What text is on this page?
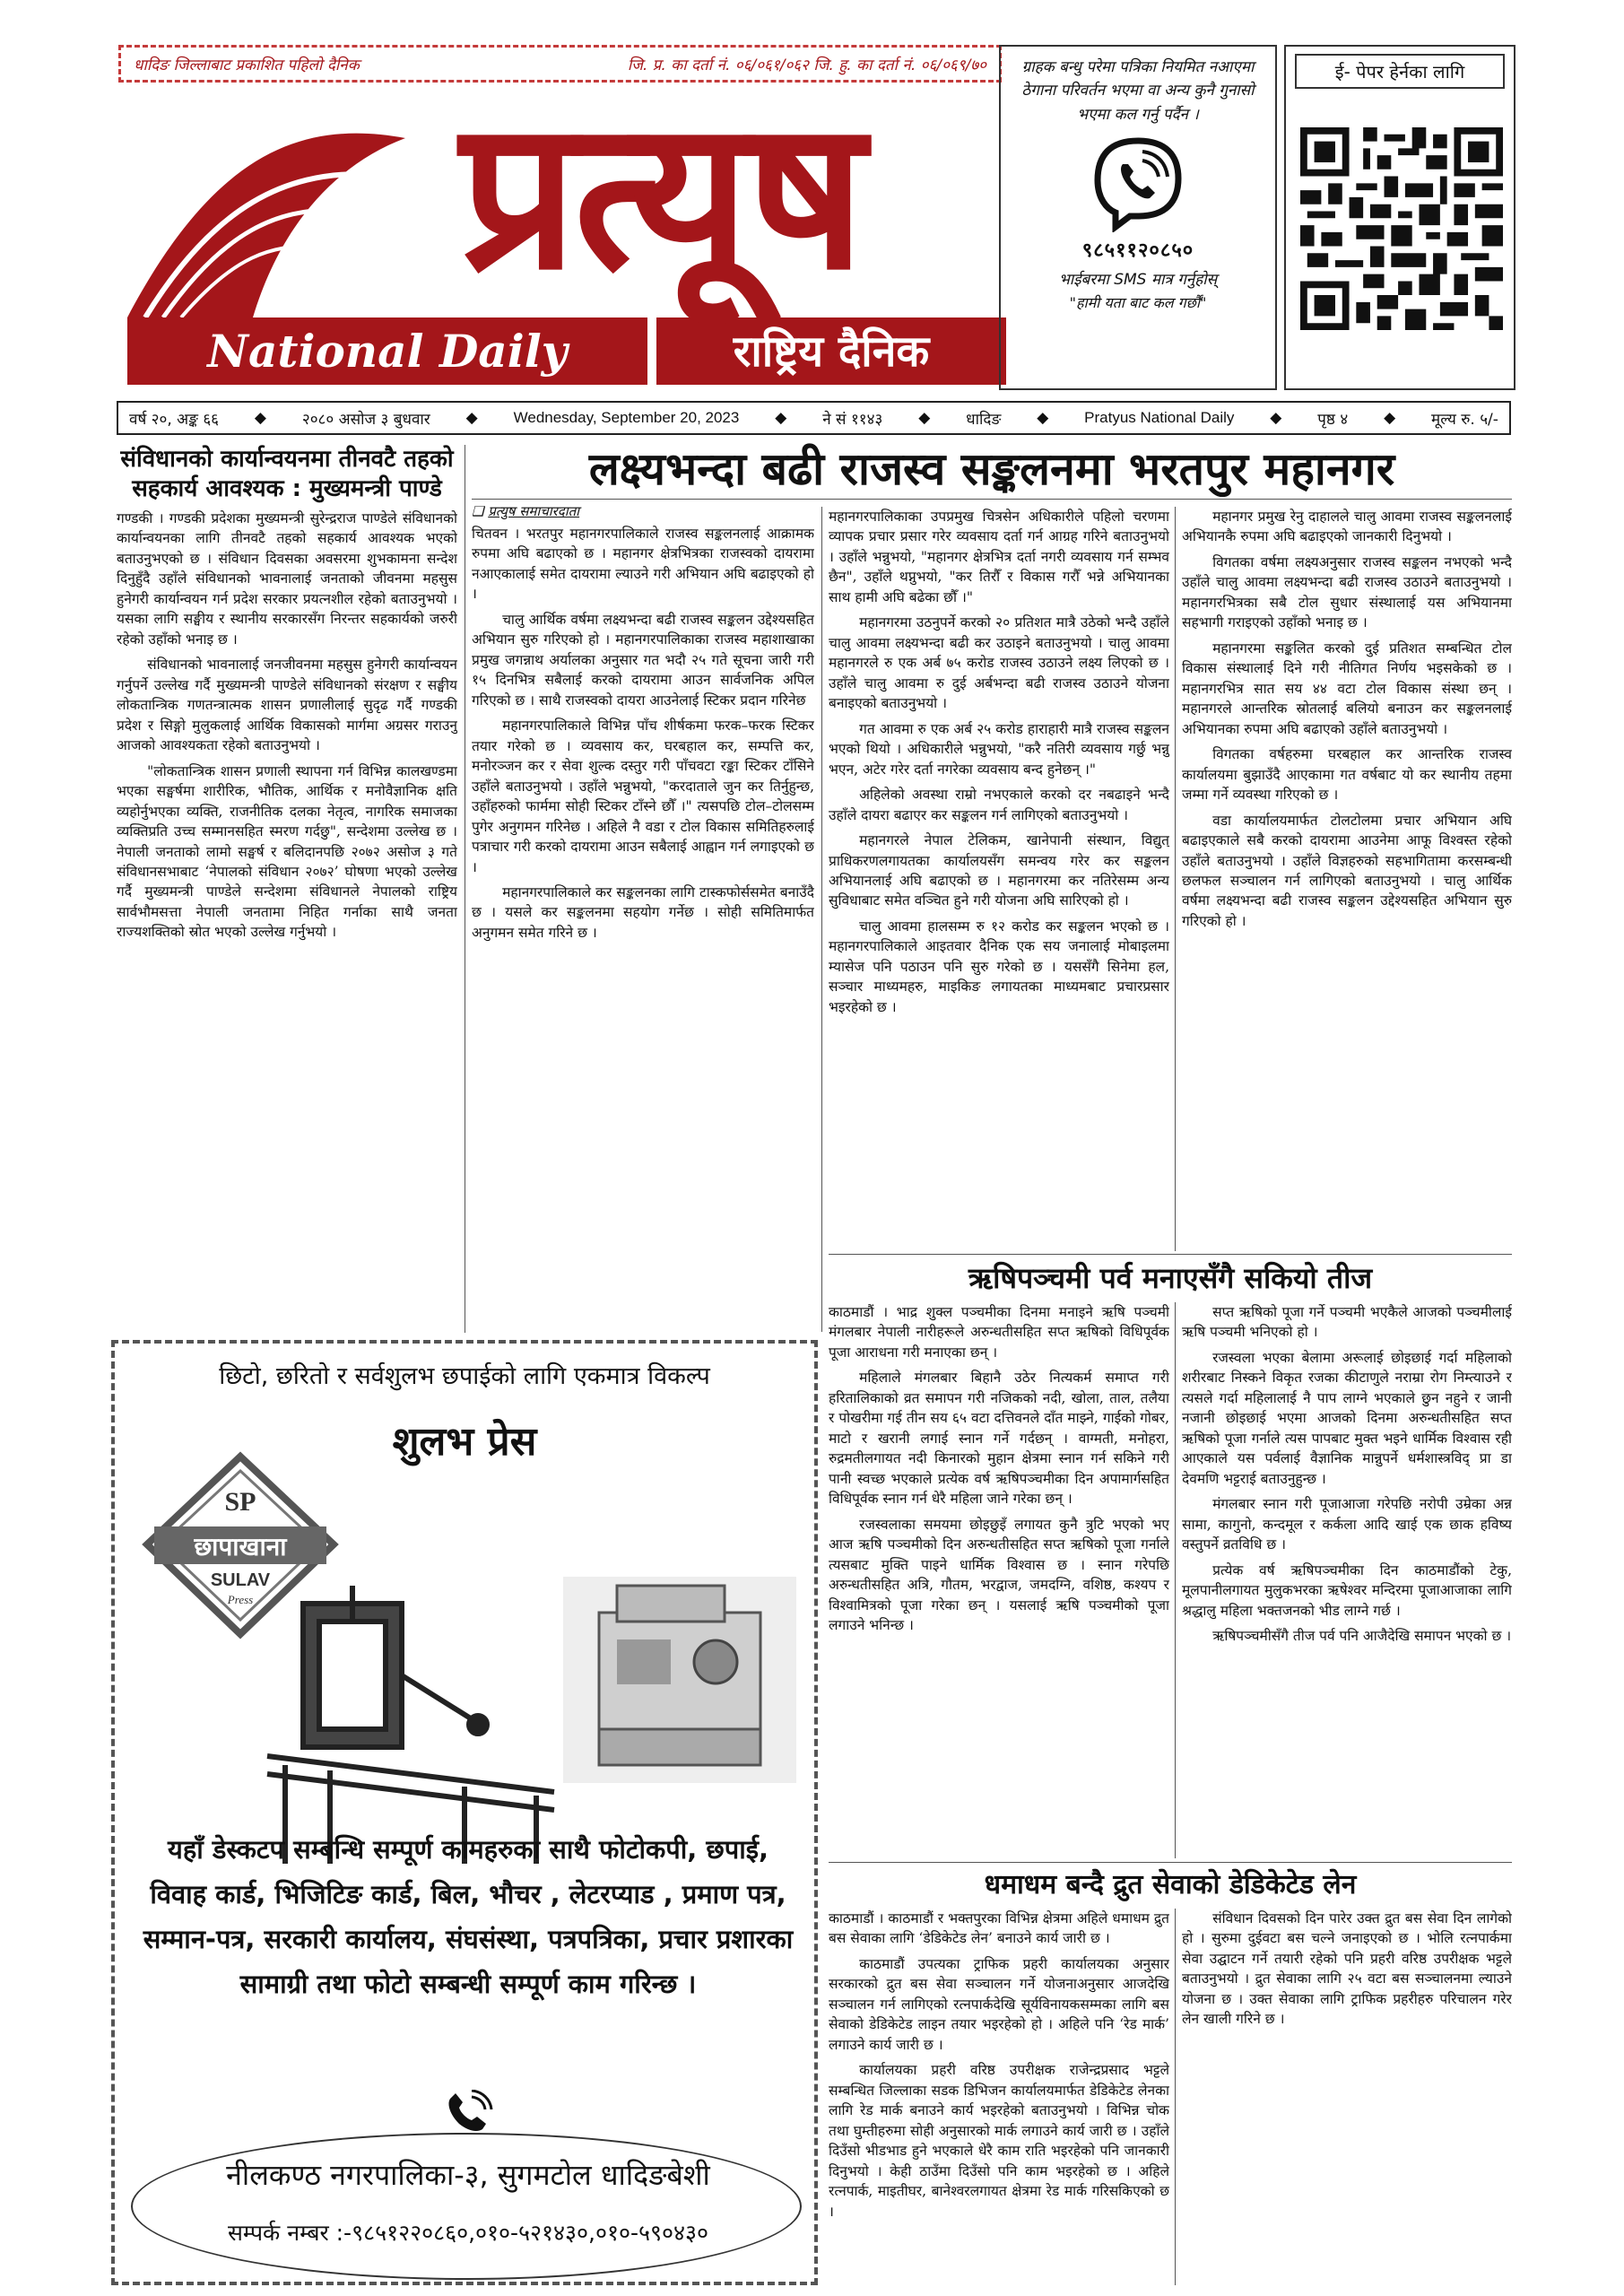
धादिङ जिल्लाबाट प्रकाशित पहिलो दैनिक	जि. प्र. का दर्ता नं. ०६/०६१/०६२ जि. हु. का दर्ता नं. ०६/०६९/७०
प्रत्यूष
National Daily	राष्ट्रिय दैनिक
ग्राहक बन्धु परेमा पत्रिका नियमित नआएमा ठेगाना परिवर्तन भएमा वा अन्य कुनै गुनासो भएमा कल गर्नु पर्दैन ।
९८५११२०८५०
भाईबरमा SMS मात्र गर्नुहोस्
"हामी यता बाट कल गर्छौं"
ई- पेपर हेर्नका लागि
वर्ष २०, अङ्क ६६ ◆ २०८० असोज ३ बुधवार ◆ Wednesday, September 20, 2023 ◆ ने सं ११४३ ◆ धादिङ ◆ Pratyus National Daily ◆ पृष्ठ ४ ◆ मूल्य रु. ५/-
संविधानको कार्यान्वयनमा तीनवटै तहको सहकार्य आवश्यक : मुख्यमन्त्री पाण्डे

गण्डकी । गण्डकी प्रदेशका मुख्यमन्त्री सुरेन्द्रराज पाण्डेले संविधानको कार्यान्वयनका लागि तीनवटै तहको सहकार्य आवश्यक भएको बताउनुभएको छ । संविधान दिवसका अवसरमा शुभकामना सन्देश दिनुहुँदै उहाँले संविधानको भावनालाई जनताको जीवनमा महसुस हुनेगरी कार्यान्वयन गर्न प्रदेश सरकार प्रयत्नशील रहेको बताउनुभयो । यसका लागि सङ्घीय र स्थानीय सरकारसँग निरन्तर सहकार्यको जरुरी रहेको उहाँको भनाइ छ ।

संविधानको भावनालाई जनजीवनमा महसुस हुनेगरी कार्यान्वयन गर्नुपर्ने उल्लेख गर्दै मुख्यमन्त्री पाण्डेले संविधानको संरक्षण र सङ्घीय लोकतान्त्रिक गणतन्त्रात्मक शासन प्रणालीलाई सुदृढ गर्दै गण्डकी प्रदेश र सिङ्गो मुलुकलाई आर्थिक विकासको मार्गमा अग्रसर गराउनु आजको आवश्यकता रहेको बताउनुभयो ।

"लोकतान्त्रिक शासन प्रणाली स्थापना गर्न विभिन्न कालखण्डमा भएका सङ्घर्षमा शारीरिक, भौतिक, आर्थिक र मनोवैज्ञानिक क्षति व्यहोर्नुभएका व्यक्ति, राजनीतिक दलका नेतृत्व, नागरिक समाजका व्यक्तिप्रति उच्च सम्मानसहित स्मरण गर्दछु", सन्देशमा उल्लेख छ । नेपाली जनताको लामो सङ्घर्ष र बलिदानपछि २०७२ असोज ३ गते संविधानसभाबाट ‘नेपालको संविधान २०७२’ घोषणा भएको उल्लेख गर्दै मुख्यमन्त्री पाण्डेले सन्देशमा संविधानले नेपालको राष्ट्रिय सार्वभौमसत्ता नेपाली जनतामा निहित गर्नाका साथै जनता राज्यशक्तिको स्रोत भएको उल्लेख गर्नुभयो ।

लक्ष्यभन्दा बढी राजस्व सङ्कलनमा भरतपुर महानगर
❑ प्रत्युष समाचारदाता

चितवन । भरतपुर महानगरपालिकाले राजस्व सङ्कलनलाई आक्रामक रुपमा अघि बढाएको छ । महानगर क्षेत्रभित्रका राजस्वको दायरामा नआएकालाई समेत दायरामा ल्याउने गरी अभियान अघि बढाइएको हो ।

चालु आर्थिक वर्षमा लक्ष्यभन्दा बढी राजस्व सङ्कलन उद्देश्यसहित अभियान सुरु गरिएको हो । महानगरपालिकाका राजस्व महाशाखाका प्रमुख जगन्नाथ अर्यालका अनुसार गत भदौ २५ गते सूचना जारी गरी १५ दिनभित्र सबैलाई करको दायरामा आउन सार्वजनिक अपिल गरिएको छ । साथै राजस्वको दायरा आउनेलाई स्टिकर प्रदान गरिनेछ

महानगरपालिकाले विभिन्न पाँच शीर्षकमा फरक–फरक स्टिकर तयार गरेको छ । व्यवसाय कर, घरबहाल कर, सम्पत्ति कर, मनोरञ्जन कर र सेवा शुल्क दस्तुर गरी पाँचवटा रङ्का स्टिकर टाँसिने उहाँले बताउनुभयो । उहाँले भन्नुभयो, "करदाताले जुन कर तिर्नुहुन्छ, उहाँहरुको फार्ममा सोही स्टिकर टाँस्ने छौँ ।" त्यसपछि टोल–टोलसम्म पुगेर अनुगमन गरिनेछ । अहिले नै वडा र टोल विकास समितिहरुलाई पत्राचार गरी करको दायरामा आउन सबैलाई आह्वान गर्न लगाइएको छ ।

महानगरपालिकाले कर सङ्कलनका लागि टास्कफोर्ससमेत बनाउँदै छ । यसले कर सङ्कलनमा सहयोग गर्नेछ । सोही समितिमार्फत अनुगमन समेत गरिने छ ।

महानगरपालिकाका उपप्रमुख चित्रसेन अधिकारीले पहिलो चरणमा व्यापक प्रचार प्रसार गरेर व्यवसाय दर्ता गर्न आग्रह गरिने बताउनुभयो । उहाँले भन्नुभयो, "महानगर क्षेत्रभित्र दर्ता नगरी व्यवसाय गर्न सम्भव छैन", उहाँले थप्नुभयो, "कर तिरौँ र विकास गरौँ भन्ने अभियानका साथ हामी अघि बढेका छौँ ।"

महानगरमा उठनुपर्ने करको २० प्रतिशत मात्रै उठेको भन्दै उहाँले चालु आवमा लक्ष्यभन्दा बढी कर उठाइने बताउनुभयो । चालु आवमा महानगरले रु एक अर्ब ७५ करोड राजस्व उठाउने लक्ष्य लिएको छ । उहाँले चालु आवमा रु दुई अर्बभन्दा बढी राजस्व उठाउने योजना बनाइएको बताउनुभयो ।

गत आवमा रु एक अर्ब २५ करोड हाराहारी मात्रै राजस्व सङ्कलन भएको थियो । अधिकारीले भन्नुभयो, "करै नतिरी व्यवसाय गर्छु भन्नु भएन, अटेर गरेर दर्ता नगरेका व्यवसाय बन्द हुनेछन् ।"

अहिलेको अवस्था राम्रो नभएकाले करको दर नबढाइने भन्दै उहाँले दायरा बढाएर कर सङ्कलन गर्न लागिएको बताउनुभयो ।

महानगरले नेपाल टेलिकम, खानेपानी संस्थान, विद्युत् प्राधिकरणलगायतका कार्यालयसँग समन्वय गरेर कर सङ्कलन अभियानलाई अघि बढाएको छ । महानगरमा कर नतिरेसम्म अन्य सुविधाबाट समेत वञ्चित हुने गरी योजना अघि सारिएको हो ।

चालु आवमा हालसम्म रु १२ करोड कर सङ्कलन भएको छ । महानगरपालिकाले आइतवार दैनिक एक सय जनालाई मोबाइलमा म्यासेज पनि पठाउन पनि सुरु गरेको छ । यससँगै सिनेमा हल, सञ्चार माध्यमहरु, माइकिङ लगायतका माध्यमबाट प्रचारप्रसार भइरहेको छ ।

महानगर प्रमुख रेनु दाहालले चालु आवमा राजस्व सङ्कलनलाई अभियानकै रुपमा अघि बढाइएको जानकारी दिनुभयो ।

विगतका वर्षमा लक्ष्यअनुसार राजस्व सङ्कलन नभएको भन्दै उहाँले चालु आवमा लक्ष्यभन्दा बढी राजस्व उठाउने बताउनुभयो । महानगरभित्रका सबै टोल सुधार संस्थालाई यस अभियानमा सहभागी गराइएको उहाँको भनाइ छ ।

महानगरमा सङ्कलित करको दुई प्रतिशत सम्बन्धित टोल विकास संस्थालाई दिने गरी नीतिगत निर्णय भइसकेको छ । महानगरभित्र सात सय ४४ वटा टोल विकास संस्था छन् । महानगरले आन्तरिक स्रोतलाई बलियो बनाउन कर सङ्कलनलाई अभियानका रुपमा अघि बढाएको उहाँले बताउनुभयो ।

विगतका वर्षहरुमा घरबहाल कर आन्तरिक राजस्व कार्यालयमा बुझाउँदै आएकामा गत वर्षबाट यो कर स्थानीय तहमा जम्मा गर्ने व्यवस्था गरिएको छ ।

वडा कार्यालयमार्फत टोलटोलमा प्रचार अभियान अघि बढाइएकाले सबै करको दायरामा आउनेमा आफू विश्वस्त रहेको उहाँले बताउनुभयो । उहाँले विज्ञहरुको सहभागितामा करसम्बन्धी छलफल सञ्चालन गर्न लागिएको बताउनुभयो । चालु आर्थिक वर्षमा लक्ष्यभन्दा बढी राजस्व सङ्कलन उद्देश्यसहित अभियान सुरु गरिएको हो ।

ऋषिपञ्चमी पर्व मनाएसँगै सकियो तीज

काठमाडौं । भाद्र शुक्ल पञ्चमीका दिनमा मनाइने ऋषि पञ्चमी मंगलबार नेपाली नारीहरूले अरुन्धतीसहित सप्त ऋषिको विधिपूर्वक पूजा आराधना गरी मनाएका छन् ।

महिलाले मंगलबार बिहानै उठेर नित्यकर्म समाप्त गरी हरितालिकाको व्रत समापन गरी नजिकको नदी, खोला, ताल, तलैया र पोखरीमा गई तीन सय ६५ वटा दत्तिवनले दाँत माझ्ने, गाईको गोबर, माटो र खरानी लगाई स्नान गर्ने गर्दछन् । वाग्मती, मनोहरा, रुद्रमतीलगायत नदी किनारको मुहान क्षेत्रमा स्नान गर्न सकिने गरी पानी स्वच्छ भएकाले प्रत्येक वर्ष ऋषिपञ्चमीका दिन अपामार्गसहित विधिपूर्वक स्नान गर्न धेरै महिला जाने गरेका छन् ।

रजस्वलाका समयमा छोइछुइँ लगायत कुनै त्रुटि भएको भए आज ऋषि पञ्चमीको दिन अरुन्धतीसहित सप्त ऋषिको पूजा गर्नाले त्यसबाट मुक्ति पाइने धार्मिक विश्वास छ । स्नान गरेपछि अरुन्धतीसहित अत्रि, गौतम, भरद्वाज, जमदग्नि, वशिष्ठ, कश्यप र विश्वामित्रको पूजा गरेका छन् । यसलाई ऋषि पञ्चमीको पूजा लगाउने भनिन्छ ।

सप्त ऋषिको पूजा गर्ने पञ्चमी भएकैले आजको पञ्चमीलाई ऋषि पञ्चमी भनिएको हो ।

रजस्वला भएका बेलामा अरूलाई छोइछाई गर्दा महिलाको शरीरबाट निस्कने विकृत रजका कीटाणुले नराम्रा रोग निम्त्याउने र त्यसले गर्दा महिलालाई नै पाप लाग्ने भएकाले छुन नहुने र जानी नजानी छोइछाई भएमा आजको दिनमा अरुन्धतीसहित सप्त ऋषिको पूजा गर्नाले त्यस पापबाट मुक्त भइने धार्मिक विश्वास रही आएकाले यस पर्वलाई वैज्ञानिक मान्नुपर्ने धर्मशास्त्रविद् प्रा डा देवमणि भट्टराई बताउनुहुन्छ ।

मंगलबार स्नान गरी पूजाआजा गरेपछि नरोपी उम्रेका अन्न सामा, कागुनो, कन्दमूल र कर्कला आदि खाई एक छाक हविष्य वस्तुपर्ने व्रतविधि छ ।

प्रत्येक वर्ष ऋषिपञ्चमीका दिन काठमाडौंको टेकु, मूलपानीलगायत मुलुकभरका ऋषेश्वर मन्दिरमा पूजाआजाका लागि श्रद्धालु महिला भक्तजनको भीड लाग्ने गर्छ ।

ऋषिपञ्चमीसँगै तीज पर्व पनि आजैदेखि समापन भएको छ ।

धमाधम बन्दै द्रुत सेवाको डेडिकेटेड लेन

काठमाडौं । काठमाडौं र भक्तपुरका विभिन्न क्षेत्रमा अहिले धमाधम द्रुत बस सेवाका लागि ‘डेडिकेटेड लेन’ बनाउने कार्य जारी छ ।

काठमाडौं उपत्यका ट्राफिक प्रहरी कार्यालयका अनुसार सरकारको द्रुत बस सेवा सञ्चालन गर्ने योजनाअनुसार आजदेखि सञ्चालन गर्न लागिएको रत्नपार्कदेखि सूर्यविनायकसम्मका लागि बस सेवाको डेडिकेटेड लाइन तयार भइरहेको हो । अहिले पनि ‘रेड मार्क’ लगाउने कार्य जारी छ ।

कार्यालयका प्रहरी वरिष्ठ उपरीक्षक राजेन्द्रप्रसाद भट्टले सम्बन्धित जिल्लाका सडक डिभिजन कार्यालयमार्फत डेडिकेटेड लेनका लागि रेड मार्क बनाउने कार्य भइरहेको बताउनुभयो । विभिन्न चोक तथा घुम्तीहरुमा सोही अनुसारको मार्क लगाउने कार्य जारी छ । उहाँले दिउँसो भीडभाड हुने भएकाले धेरै काम राति भइरहेको पनि जानकारी दिनुभयो । केही ठाउँमा दिउँसो पनि काम भइरहेको छ । अहिले रत्नपार्क, माइतीघर, बानेश्वरलगायत क्षेत्रमा रेड मार्क गरिसकिएको छ ।

संविधान दिवसको दिन पारेर उक्त द्रुत बस सेवा दिन लागेको हो । सुरुमा दुईवटा बस चल्ने जनाइएको छ । भोलि रत्नपार्कमा सेवा उद्घाटन गर्ने तयारी रहेको पनि प्रहरी वरिष्ठ उपरीक्षक भट्टले बताउनुभयो । द्रुत सेवाका लागि २५ वटा बस सञ्चालनमा ल्याउने योजना छ । उक्त सेवाका लागि ट्राफिक प्रहरीहरु परिचालन गरेर लेन खाली गरिने छ ।

छिटो, छरितो र सर्वशुलभ छपाईको लागि एकमात्र विकल्प
शुलभ प्रेस
SP
छापाखाना
SULAV
Press
यहाँ डेस्कटप सम्बन्धि सम्पूर्ण कामहरुका साथै फोटोकपी, छपाई, विवाह कार्ड, भिजिटिङ कार्ड, बिल, भौचर , लेटरप्याड , प्रमाण पत्र, सम्मान-पत्र, सरकारी कार्यालय, संघसंस्था, पत्रपत्रिका, प्रचार प्रशारका सामाग्री तथा फोटो सम्बन्धी सम्पूर्ण काम गरिन्छ ।
नीलकण्ठ नगरपालिका-३, सुगमटोल धादिङबेशी
सम्पर्क नम्बर :-९८५१२२०८६०,०१०-५२१४३०,०१०-५९०४३०
